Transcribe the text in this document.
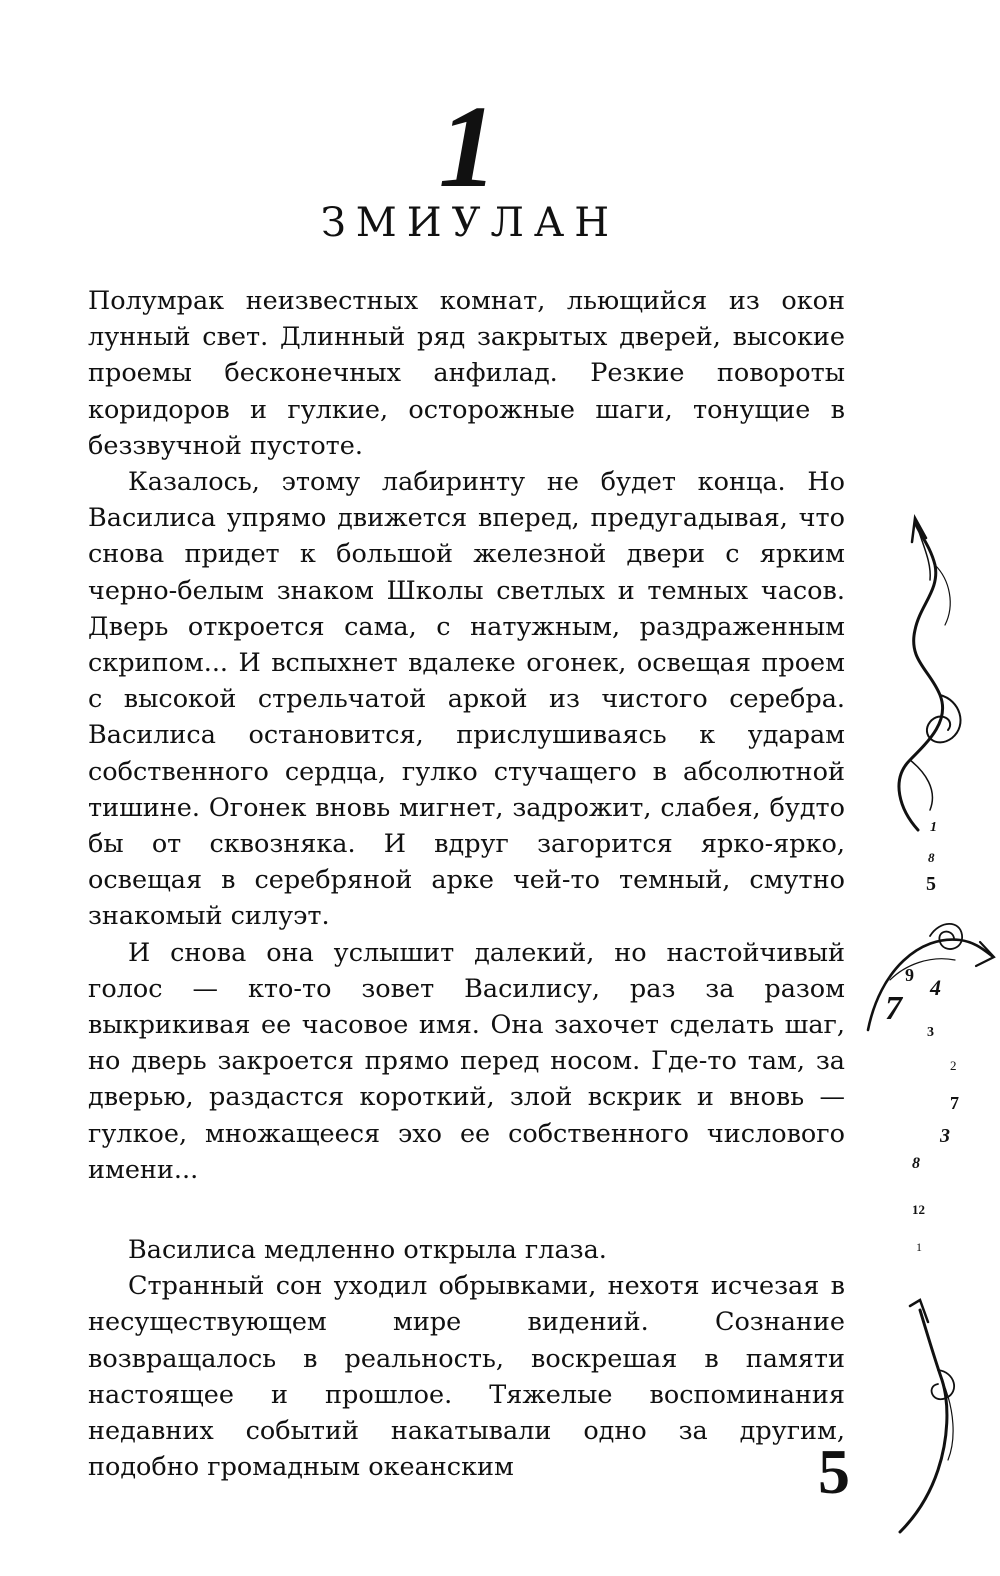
1
ЗМИУЛАН

Полумрак неизвестных комнат, льющийся из окон лунный свет. Длинный ряд закрытых дверей, высокие проемы бесконечных анфилад. Резкие повороты коридоров и гулкие, осторожные шаги, тонущие в беззвучной пустоте.

Казалось, этому лабиринту не будет конца. Но Василиса упрямо движется вперед, предугадывая, что снова придет к большой железной двери с ярким черно-белым знаком Школы светлых и темных часов. Дверь откроется сама, с натужным, раздраженным скрипом... И вспыхнет вдалеке огонек, освещая проем с высокой стрельчатой аркой из чистого серебра. Василиса остановится, прислушиваясь к ударам собственного сердца, гулко стучащего в абсолютной тишине. Огонек вновь мигнет, задрожит, слабея, будто бы от сквозняка. И вдруг загорится ярко-ярко, освещая в серебряной арке чей-то темный, смутно знакомый силуэт.

И снова она услышит далекий, но настойчивый голос — кто-то зовет Василису, раз за разом выкрикивая ее часовое имя. Она захочет сделать шаг, но дверь закроется прямо перед носом. Где-то там, за дверью, раздастся короткий, злой вскрик и вновь — гулкое, множащееся эхо ее собственного числового имени...

Василиса медленно открыла глаза.

Странный сон уходил обрывками, нехотя исчезая в несуществующем мире видений. Сознание возвращалось в реальность, воскрешая в памяти настоящее и прошлое. Тяжелые воспоминания недавних событий накатывали одно за другим, подобно громадным океанским

1
8
5
9 4
7
3
2
7
3
8
12
1
5
